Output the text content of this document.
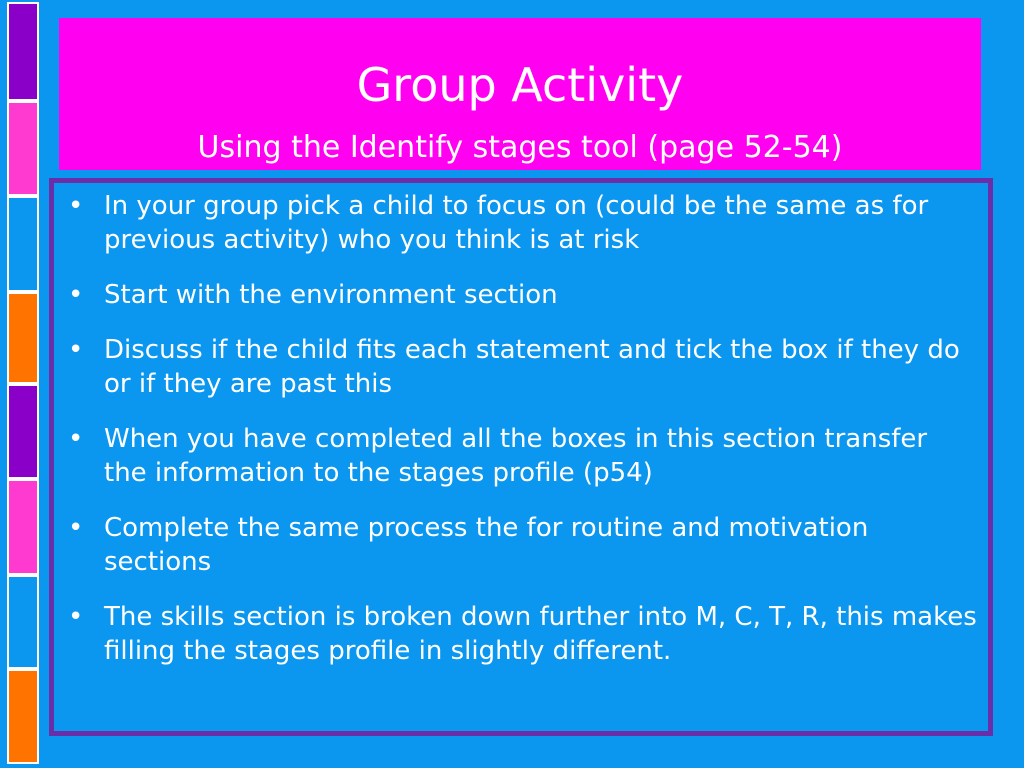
Group Activity
Using the Identify stages tool (page 52-54)
• In your group pick a child to focus on (could be the same as for previous activity) who you think is at risk
• Start with the environment section
• Discuss if the child fits each statement and tick the box if they do or if they are past this
• When you have completed all the boxes in this section transfer the information to the stages profile (p54)
• Complete the same process the for routine and motivation sections
• The skills section is broken down further into M, C, T, R, this makes filling the stages profile in slightly different.
